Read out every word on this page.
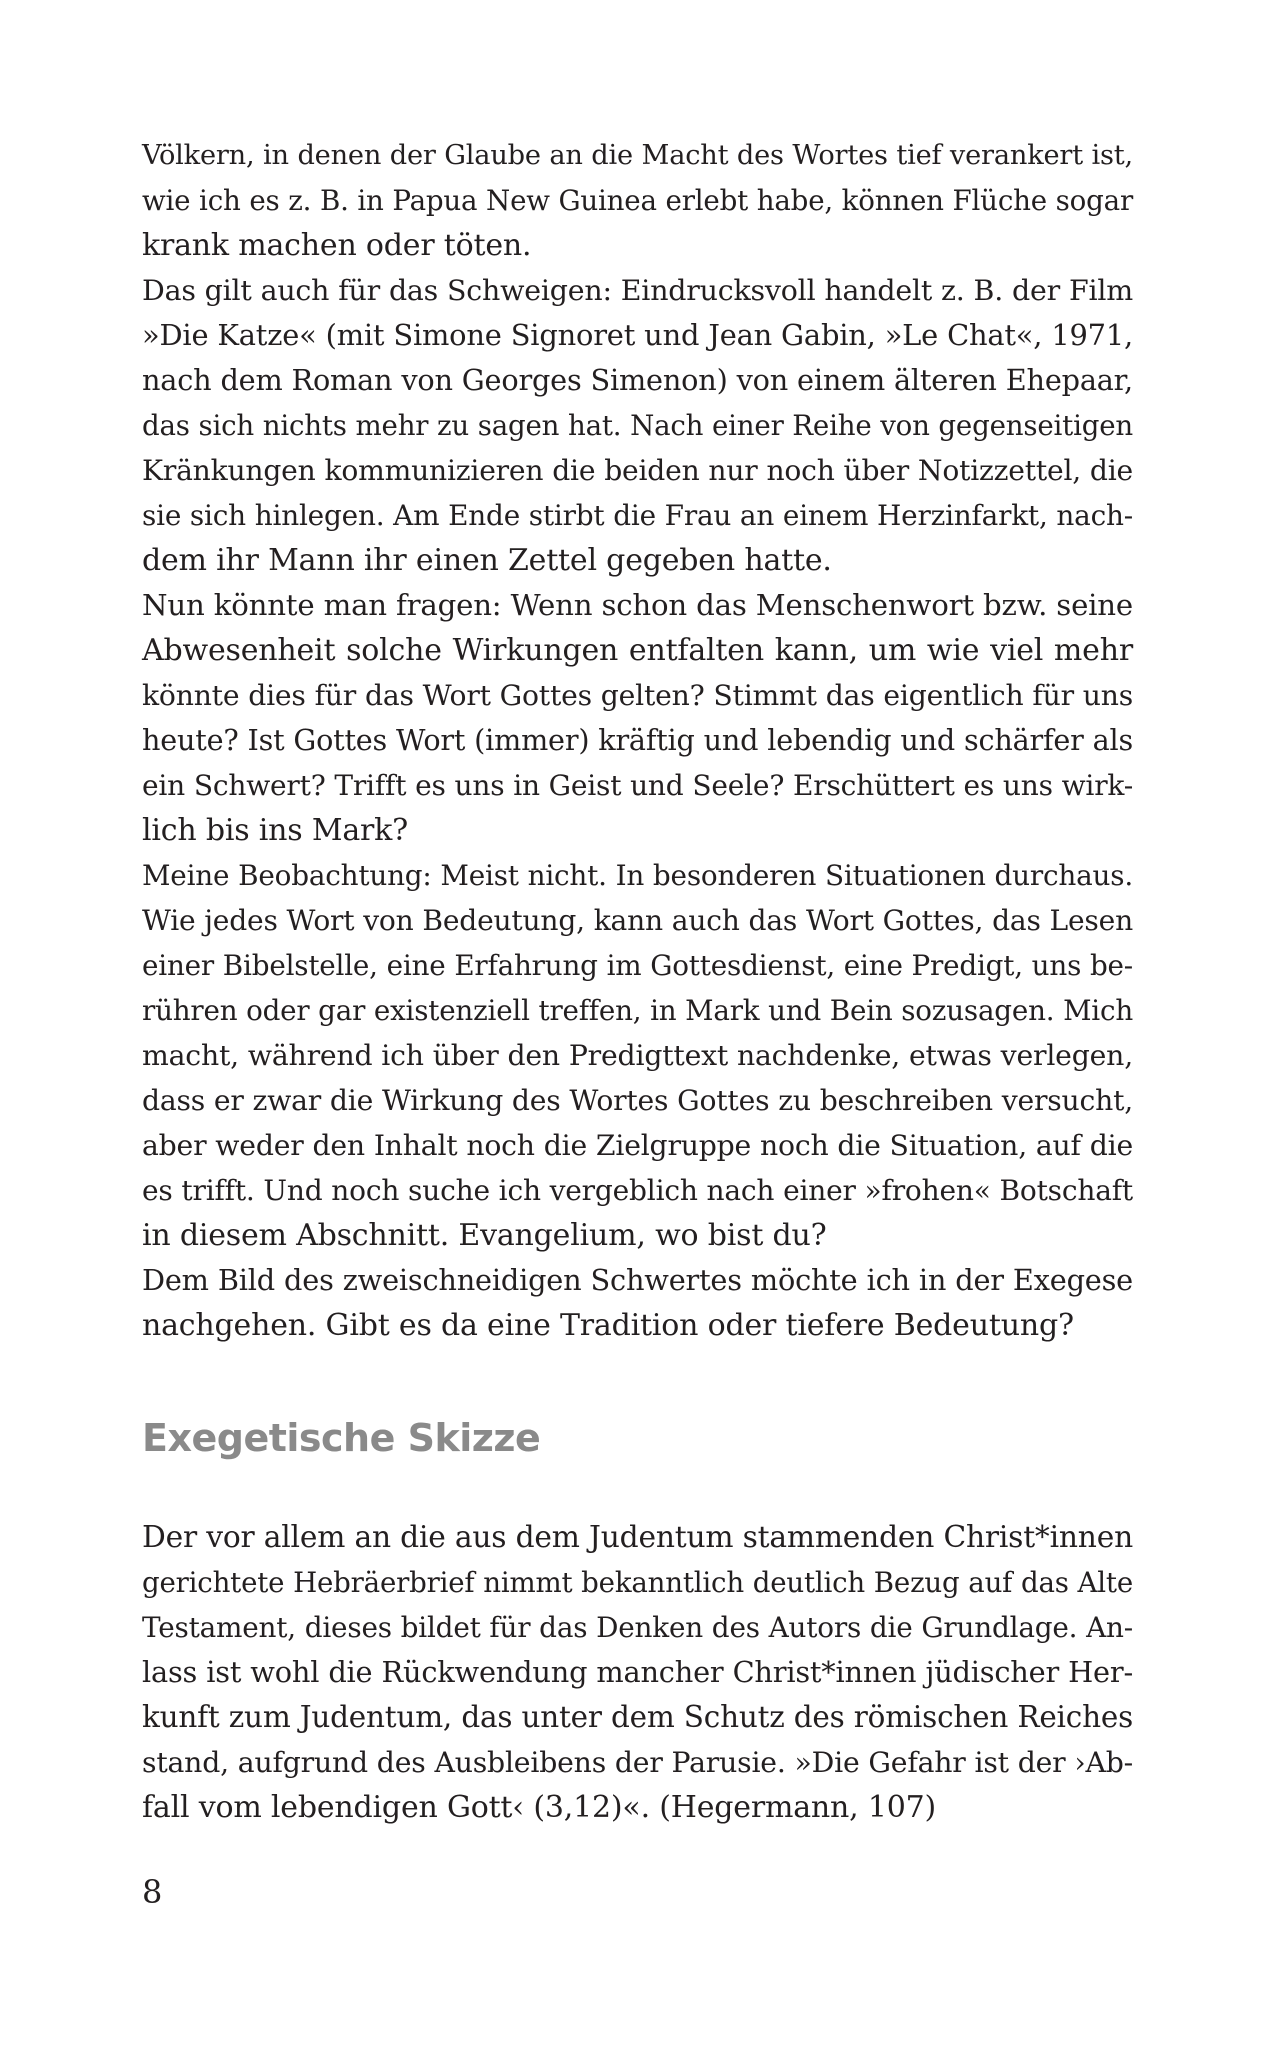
Völkern, in denen der Glaube an die Macht des Wortes tief verankert ist,
wie ich es z. B. in Papua New Guinea erlebt habe, können Flüche sogar
krank machen oder töten.
Das gilt auch für das Schweigen: Eindrucksvoll handelt z. B. der Film
»Die Katze« (mit Simone Signoret und Jean Gabin, »Le Chat«, 1971,
nach dem Roman von Georges Simenon) von einem älteren Ehepaar,
das sich nichts mehr zu sagen hat. Nach einer Reihe von gegenseitigen
Kränkungen kommunizieren die beiden nur noch über Notizzettel, die
sie sich hinlegen. Am Ende stirbt die Frau an einem Herzinfarkt, nach-
dem ihr Mann ihr einen Zettel gegeben hatte.
Nun könnte man fragen: Wenn schon das Menschenwort bzw. seine
Abwesenheit solche Wirkungen entfalten kann, um wie viel mehr
könnte dies für das Wort Gottes gelten? Stimmt das eigentlich für uns
heute? Ist Gottes Wort (immer) kräftig und lebendig und schärfer als
ein Schwert? Trifft es uns in Geist und Seele? Erschüttert es uns wirk-
lich bis ins Mark?
Meine Beobachtung: Meist nicht. In besonderen Situationen durchaus.
Wie jedes Wort von Bedeutung, kann auch das Wort Gottes, das Lesen
einer Bibelstelle, eine Erfahrung im Gottesdienst, eine Predigt, uns be-
rühren oder gar existenziell treffen, in Mark und Bein sozusagen. Mich
macht, während ich über den Predigttext nachdenke, etwas verlegen,
dass er zwar die Wirkung des Wortes Gottes zu beschreiben versucht,
aber weder den Inhalt noch die Zielgruppe noch die Situation, auf die
es trifft. Und noch suche ich vergeblich nach einer »frohen« Botschaft
in diesem Abschnitt. Evangelium, wo bist du?
Dem Bild des zweischneidigen Schwertes möchte ich in der Exegese
nachgehen. Gibt es da eine Tradition oder tiefere Bedeutung?
Exegetische Skizze
Der vor allem an die aus dem Judentum stammenden Christ*innen
gerichtete Hebräerbrief nimmt bekanntlich deutlich Bezug auf das Alte
Testament, dieses bildet für das Denken des Autors die Grundlage. An-
lass ist wohl die Rückwendung mancher Christ*innen jüdischer Her-
kunft zum Judentum, das unter dem Schutz des römischen Reiches
stand, aufgrund des Ausbleibens der Parusie. »Die Gefahr ist der ›Ab-
fall vom lebendigen Gott‹ (3,12)«. (Hegermann, 107)
8
